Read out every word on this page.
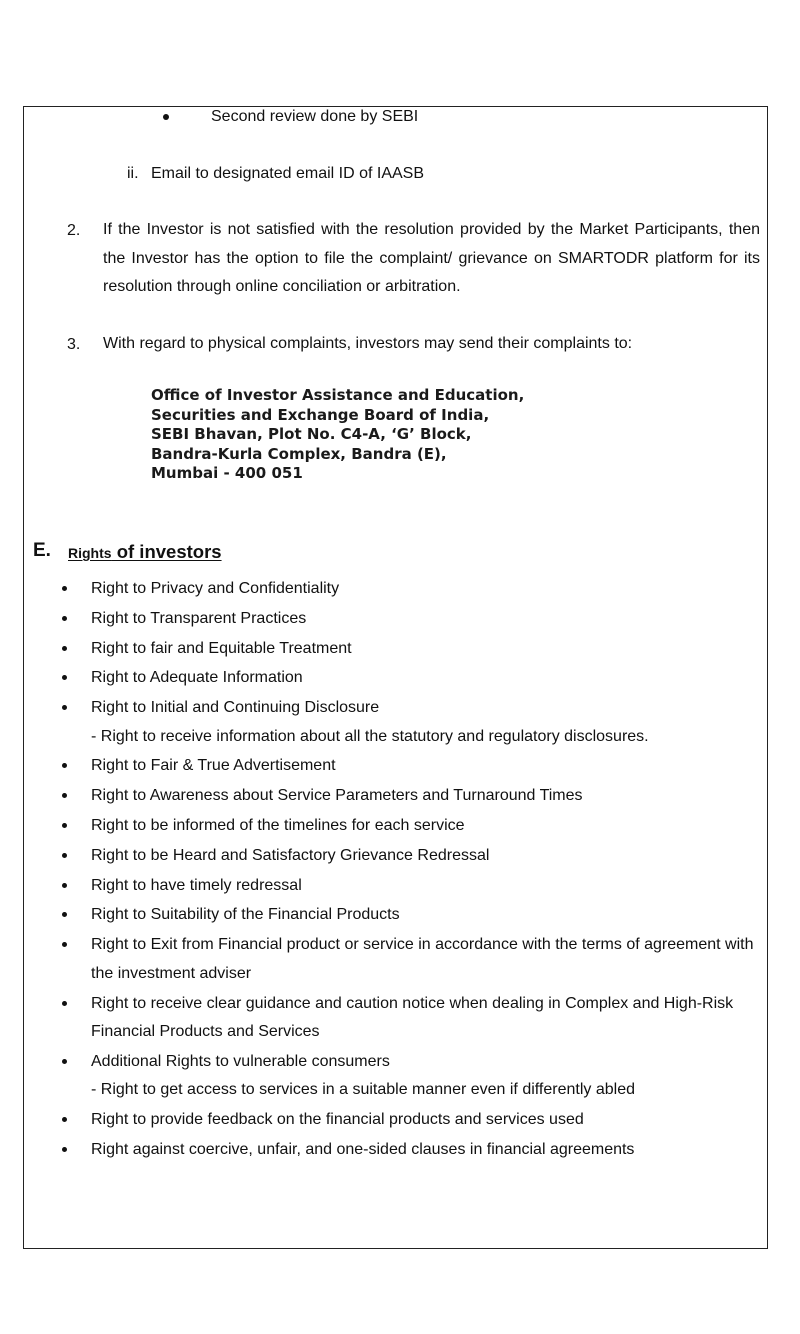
Second review done by SEBI
ii. Email to designated email ID of IAASB
2. If the Investor is not satisfied with the resolution provided by the Market Participants, then the Investor has the option to file the complaint/ grievance on SMARTODR platform for its resolution through online conciliation or arbitration.
3. With regard to physical complaints, investors may send their complaints to:
Office of Investor Assistance and Education,
Securities and Exchange Board of India,
SEBI Bhavan, Plot No. C4-A, ‘G’ Block,
Bandra-Kurla Complex, Bandra (E),
Mumbai - 400 051
E. Rights of investors
Right to Privacy and Confidentiality
Right to Transparent Practices
Right to fair and Equitable Treatment
Right to Adequate Information
Right to Initial and Continuing Disclosure
- Right to receive information about all the statutory and regulatory disclosures.
Right to Fair & True Advertisement
Right to Awareness about Service Parameters and Turnaround Times
Right to be informed of the timelines for each service
Right to be Heard and Satisfactory Grievance Redressal
Right to have timely redressal
Right to Suitability of the Financial Products
Right to Exit from Financial product or service in accordance with the terms of agreement with the investment adviser
Right to receive clear guidance and caution notice when dealing in Complex and High-Risk Financial Products and Services
Additional Rights to vulnerable consumers
- Right to get access to services in a suitable manner even if differently abled
Right to provide feedback on the financial products and services used
Right against coercive, unfair, and one-sided clauses in financial agreements
